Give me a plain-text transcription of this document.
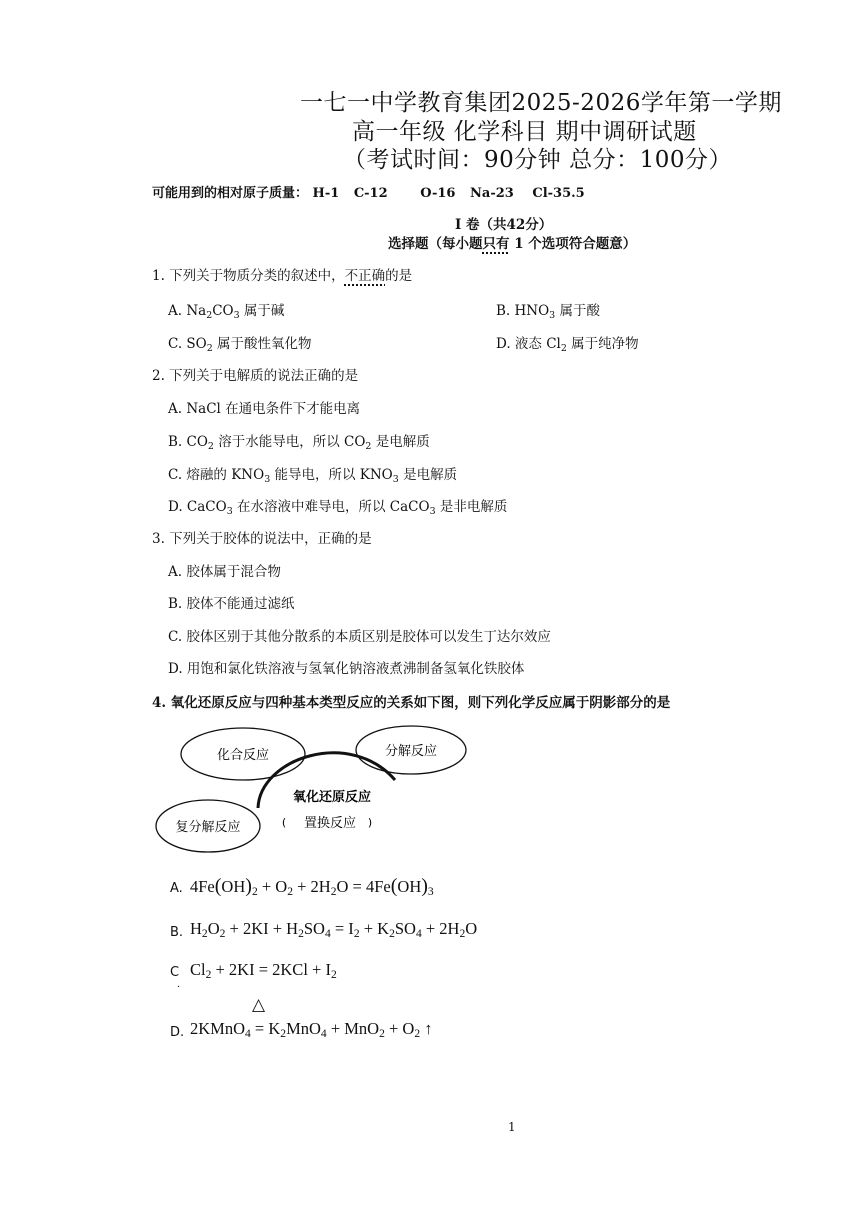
一七一中学教育集团2025-2026学年第一学期
高一年级 化学科目 期中调研试题
（考试时间：90分钟 总分：100分）
可能用到的相对原子质量： H-1 C-12	O-16 Na-23 Cl-35.5
I 卷（共42分）
选择题（每小题只有 1 个选项符合题意）
1. 下列关于物质分类的叙述中，不正确的是
A. $Na_2CO_3$ 属于碱	B. $HNO_3$ 属于酸
C. $SO_2$ 属于酸性氧化物	D. 液态 $Cl_2$ 属于纯净物
2. 下列关于电解质的说法正确的是
A. NaCl 在通电条件下才能电离
B. $CO_2$ 溶于水能导电，所以 $CO_2$ 是电解质
C. 熔融的 $KNO_3$ 能导电，所以 $KNO_3$ 是电解质
D. CaCO$_3$ 在水溶液中难导电，所以 CaCO$_3$ 是非电解质
3. 下列关于胶体的说法中，正确的是
A. 胶体属于混合物
B. 胶体不能通过滤纸
C. 胶体区别于其他分散系的本质区别是胶体可以发生丁达尔效应
D. 用饱和氯化铁溶液与氢氧化钠溶液煮沸制备氢氧化铁胶体
4. 氧化还原反应与四种基本类型反应的关系如下图，则下列化学反应属于阴影部分的是
氧化还原反应
化合反应	分解反应
复分解反应	( 置换反应 )
A. $4Fe(OH)_2 + O_2 + 2H_2O = 4Fe(OH)_3$
B. $H_2O_2 + 2KI + H_2SO_4 = I_2 + K_2SO_4 + 2H_2O$
C
·
$Cl_2 + 2KI = 2KCl + I_2$
△
D. 2KMnO$_4$ = $K_2MnO_4 + MnO_2 + O_2$ ↑
1
